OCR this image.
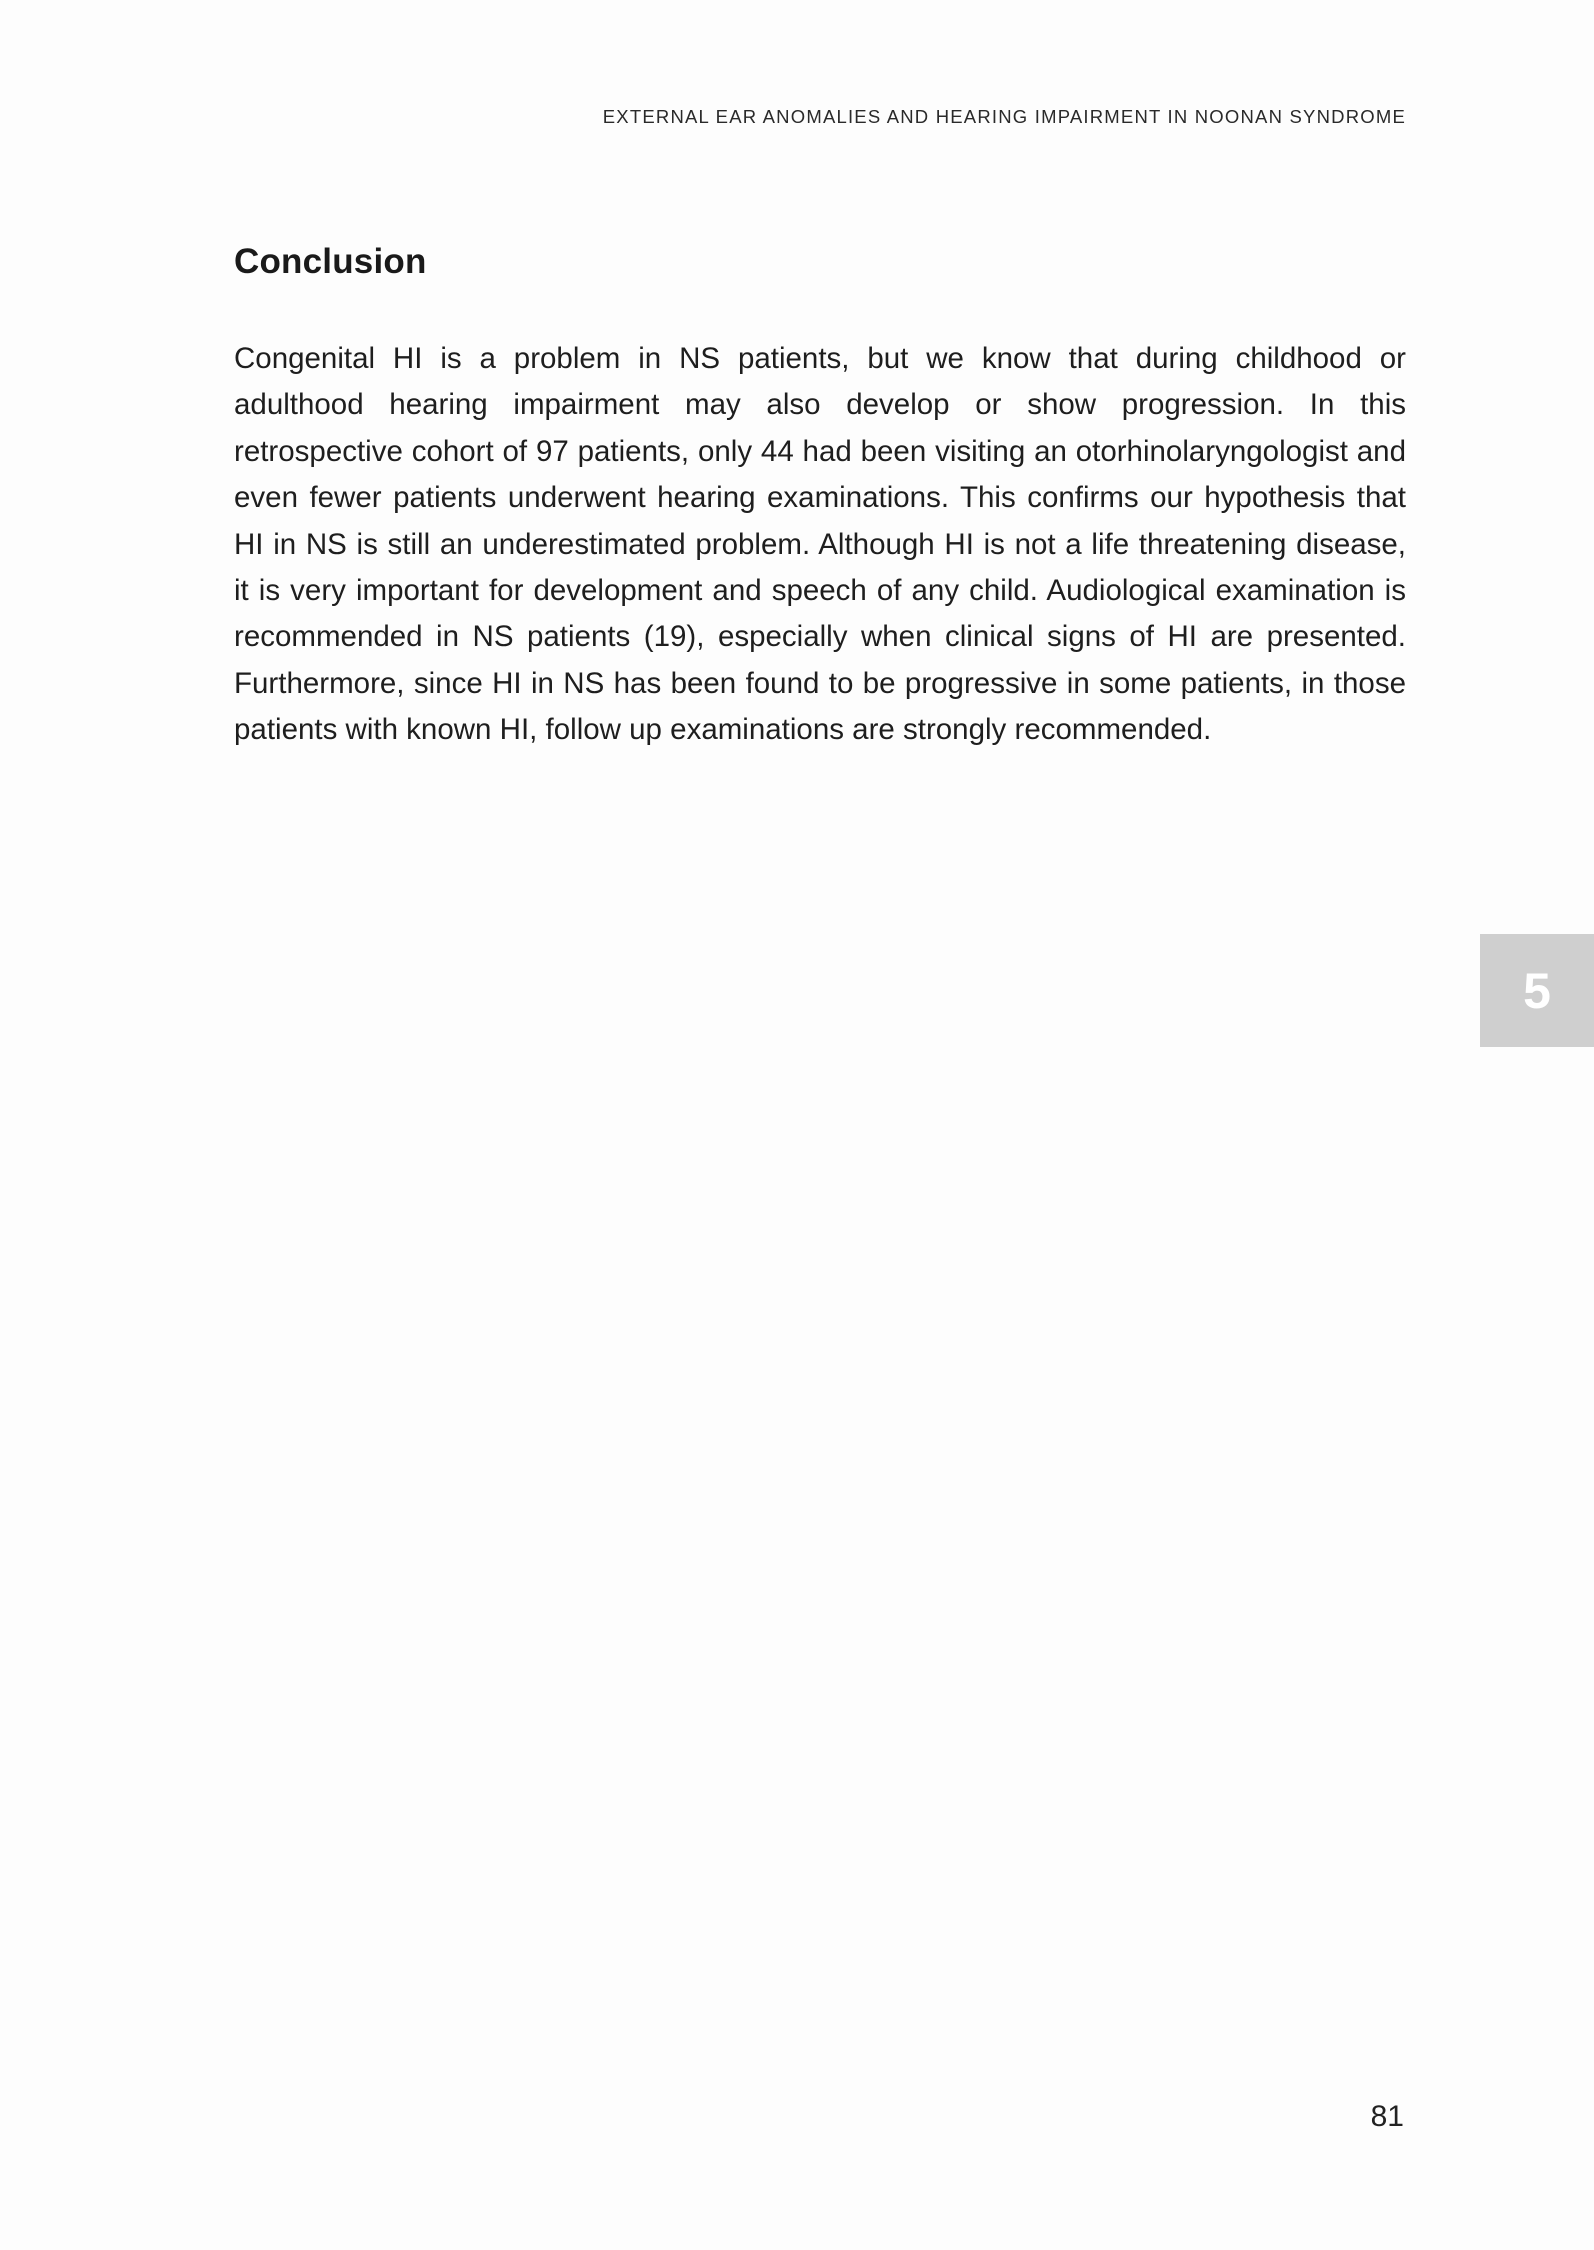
EXTERNAL EAR ANOMALIES AND HEARING IMPAIRMENT IN NOONAN SYNDROME
Conclusion

Congenital HI is a problem in NS patients, but we know that during childhood or adulthood hearing impairment may also develop or show progression. In this retrospective cohort of 97 patients, only 44 had been visiting an otorhinolaryngologist and even fewer patients underwent hearing examinations. This confirms our hypothesis that HI in NS is still an underestimated problem. Although HI is not a life threatening disease, it is very important for development and speech of any child. Audiological examination is recommended in NS patients (19), especially when clinical signs of HI are presented. Furthermore, since HI in NS has been found to be progressive in some patients, in those patients with known HI, follow up examinations are strongly recommended.

5
81
